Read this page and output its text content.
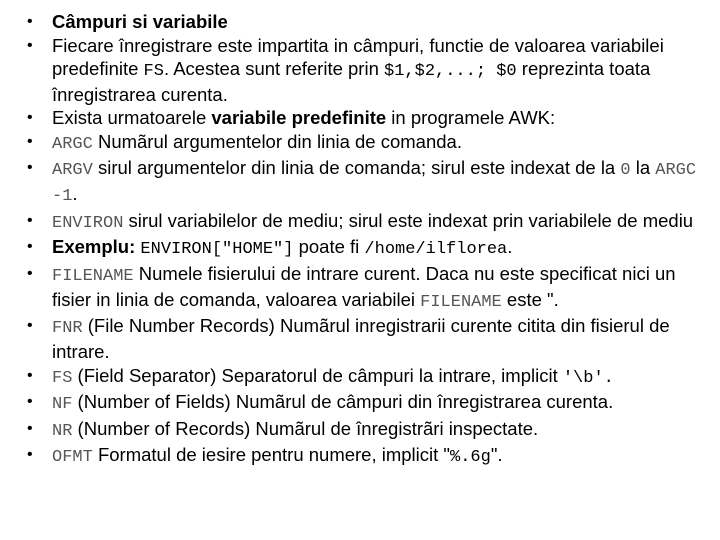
• Câmpuri si variabile
• Fiecare înregistrare este impartita in câmpuri, functie de valoarea variabilei predefinite FS. Acestea sunt referite prin $1,$2,...; $0 reprezinta toata înregistrarea curenta.
• Exista urmatoarele variabile predefinite in programele AWK:
• ARGC Numãrul argumentelor din linia de comanda.
• ARGV sirul argumentelor din linia de comanda; sirul este indexat de la 0 la ARGC -1.
• ENVIRON sirul variabilelor de mediu; sirul este indexat prin variabilele de mediu
• Exemplu: ENVIRON["HOME"] poate fi /home/ilflorea.
• FILENAME Numele fisierului de intrare curent. Daca nu este specificat nici un fisier in linia de comanda, valoarea variabilei FILENAME este ".
• FNR (File Number Records) Numãrul inregistrarii curente citita din fisierul de intrare.
• FS (Field Separator) Separatorul de câmpuri la intrare, implicit '\b'.
• NF (Number of Fields) Numãrul de câmpuri din înregistrarea curenta.
• NR (Number of Records) Numãrul de înregistrãri inspectate.
• OFMT Formatul de iesire pentru numere, implicit "%.6g".
